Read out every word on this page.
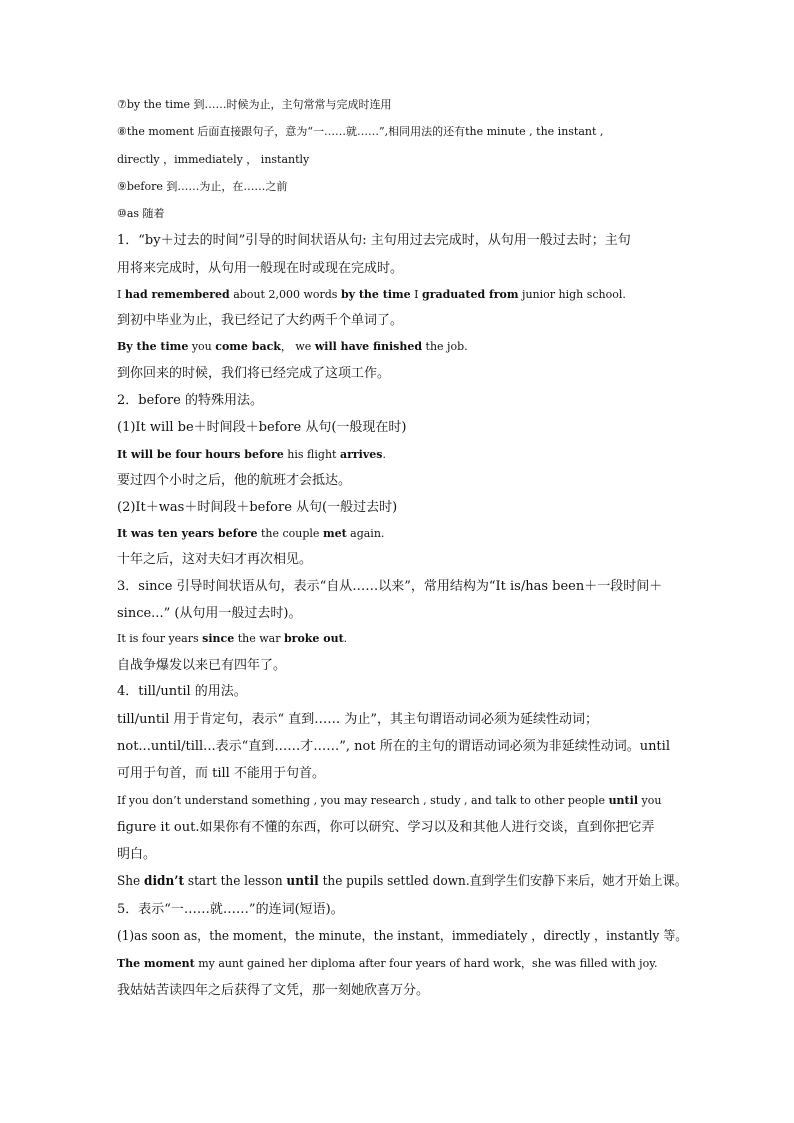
⑦by the time 到……时候为止，主句常常与完成时连用
⑧the moment 后面直接跟句子，意为“一……就……”,相同用法的还有the minute , the instant ,
directly ，immediately ， instantly
⑨before 到……为止，在……之前
⑩as 随着
1．“by＋过去的时间”引导的时间状语从句: 主句用过去完成时，从句用一般过去时；主句
用将来完成时，从句用一般现在时或现在完成时。
I had remembered about 2,000 words by the time I graduated from junior high school.
到初中毕业为止，我已经记了大约两千个单词了。
By the time you come back， we will have finished the job.
到你回来的时候，我们将已经完成了这项工作。
2．before 的特殊用法。
(1)It will be＋时间段＋before 从句(一般现在时)
It will be four hours before his flight arrives.
要过四个小时之后，他的航班才会抵达。
(2)It＋was＋时间段＋before 从句(一般过去时)
It was ten years before the couple met again.
十年之后，这对夫妇才再次相见。
3．since 引导时间状语从句，表示“自从……以来”，常用结构为“It is/has been＋一段时间＋
since...” (从句用一般过去时)。
It is four years since the war broke out.
自战争爆发以来已有四年了。
4．till/until 的用法。
till/until 用于肯定句，表示“ 直到…… 为止”，其主句谓语动词必须为延续性动词；
not...until/till...表示“直到……才……”, not 所在的主句的谓语动词必须为非延续性动词。until
可用于句首，而 till 不能用于句首。
If you don’t understand something , you may research , study , and talk to other people until you
figure it out.如果你有不懂的东西，你可以研究、学习以及和其他人进行交谈，直到你把它弄
明白。
She didn’t start the lesson until the pupils settled down.直到学生们安静下来后，她才开始上课。
5．表示“一……就……”的连词(短语)。
(1)as soon as，the moment，the minute，the instant，immediately ，directly ，instantly 等。
The moment my aunt gained her diploma after four years of hard work，she was filled with joy.
我姑姑苦读四年之后获得了文凭，那一刻她欣喜万分。
